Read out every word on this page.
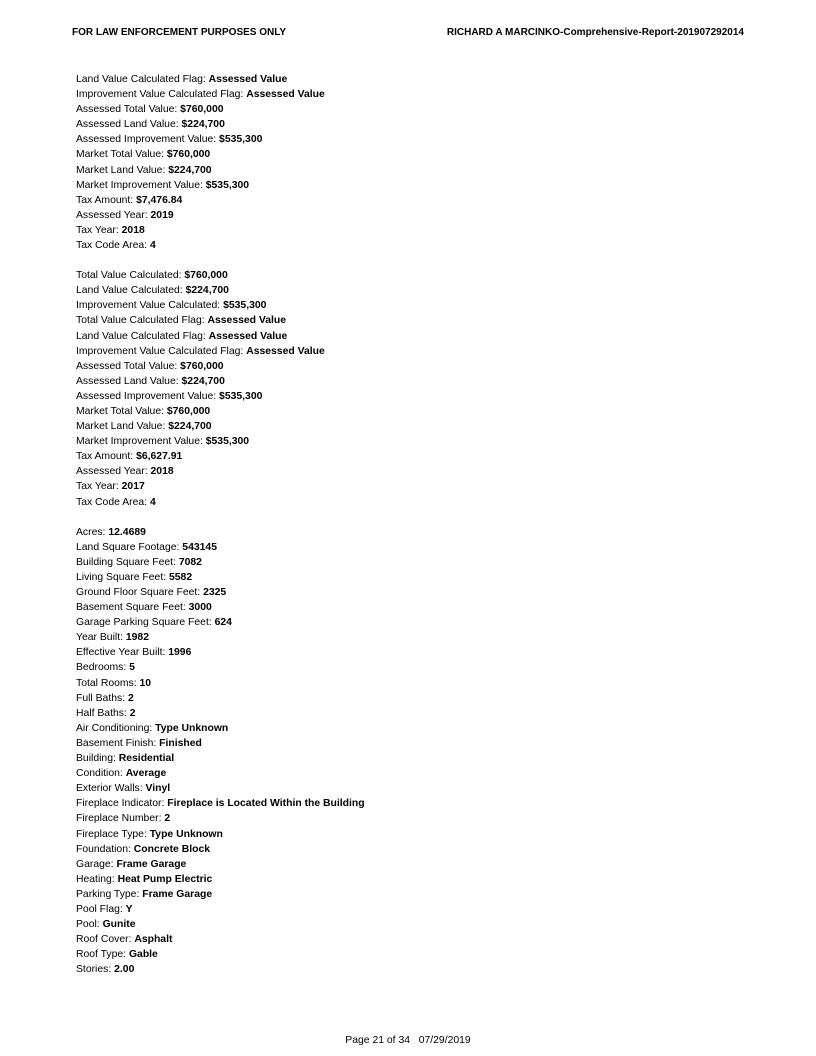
FOR LAW ENFORCEMENT PURPOSES ONLY	RICHARD A MARCINKO-Comprehensive-Report-201907292014
Land Value Calculated Flag: Assessed Value
Improvement Value Calculated Flag: Assessed Value
Assessed Total Value: $760,000
Assessed Land Value: $224,700
Assessed Improvement Value: $535,300
Market Total Value: $760,000
Market Land Value: $224,700
Market Improvement Value: $535,300
Tax Amount: $7,476.84
Assessed Year: 2019
Tax Year: 2018
Tax Code Area: 4
Total Value Calculated: $760,000
Land Value Calculated: $224,700
Improvement Value Calculated: $535,300
Total Value Calculated Flag: Assessed Value
Land Value Calculated Flag: Assessed Value
Improvement Value Calculated Flag: Assessed Value
Assessed Total Value: $760,000
Assessed Land Value: $224,700
Assessed Improvement Value: $535,300
Market Total Value: $760,000
Market Land Value: $224,700
Market Improvement Value: $535,300
Tax Amount: $6,627.91
Assessed Year: 2018
Tax Year: 2017
Tax Code Area: 4
Acres: 12.4689
Land Square Footage: 543145
Building Square Feet: 7082
Living Square Feet: 5582
Ground Floor Square Feet: 2325
Basement Square Feet: 3000
Garage Parking Square Feet: 624
Year Built: 1982
Effective Year Built: 1996
Bedrooms: 5
Total Rooms: 10
Full Baths: 2
Half Baths: 2
Air Conditioning: Type Unknown
Basement Finish: Finished
Building: Residential
Condition: Average
Exterior Walls: Vinyl
Fireplace Indicator: Fireplace is Located Within the Building
Fireplace Number: 2
Fireplace Type: Type Unknown
Foundation: Concrete Block
Garage: Frame Garage
Heating: Heat Pump Electric
Parking Type: Frame Garage
Pool Flag: Y
Pool: Gunite
Roof Cover: Asphalt
Roof Type: Gable
Stories: 2.00
Page 21 of 34 07/29/2019
